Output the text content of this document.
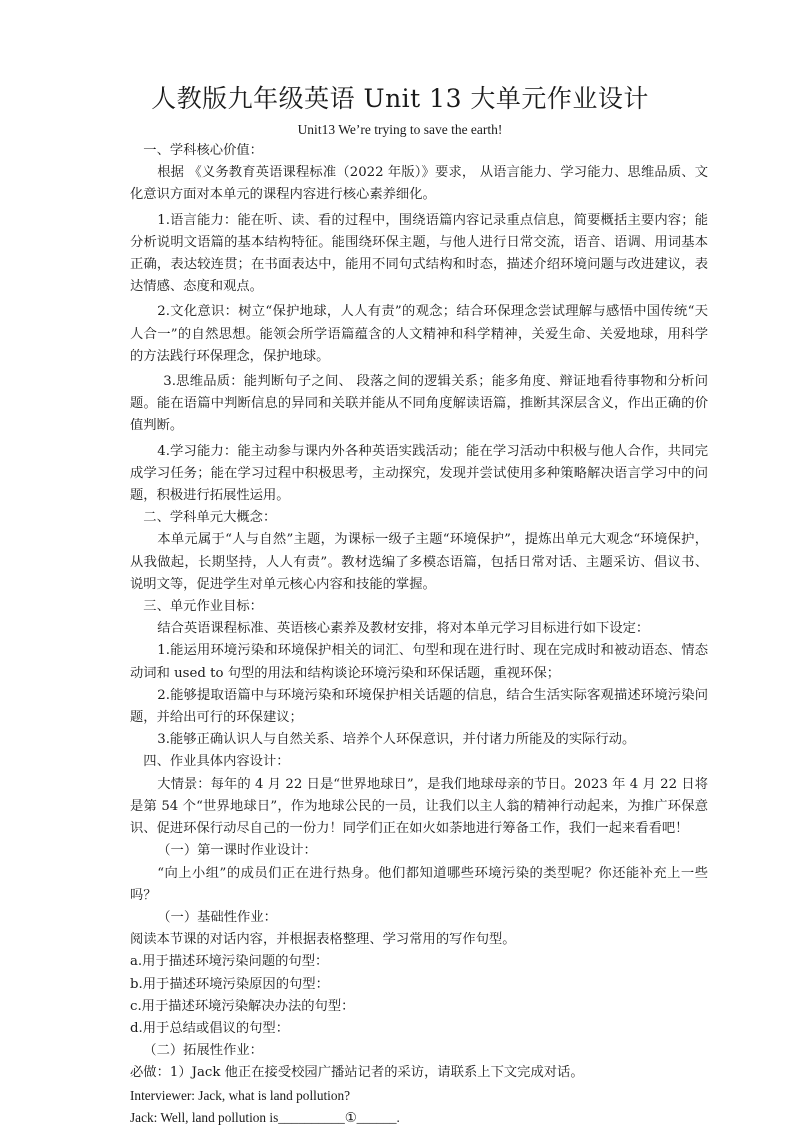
人教版九年级英语 Unit 13 大单元作业设计
Unit13 We’re trying to save the earth!

一、学科核心价值：

根据 《义务教育英语课程标准（2022 年版）》要求， 从语言能力、学习能力、思维品质、文化意识方面对本单元的课程内容进行核心素养细化。

1.语言能力：能在听、读、看的过程中，围绕语篇内容记录重点信息，简要概括主要内容；能分析说明文语篇的基本结构特征。能围绕环保主题，与他人进行日常交流，语音、语调、用词基本正确，表达较连贯；在书面表达中，能用不同句式结构和时态，描述介绍环境问题与改进建议，表达情感、态度和观点。

2.文化意识：树立“保护地球，人人有责”的观念；结合环保理念尝试理解与感悟中国传统“天人合一”的自然思想。能领会所学语篇蕴含的人文精神和科学精神，关爱生命、关爱地球，用科学的方法践行环保理念，保护地球。

3.思维品质：能判断句子之间、 段落之间的逻辑关系；能多角度、辩证地看待事物和分析问题。能在语篇中判断信息的异同和关联并能从不同角度解读语篇，推断其深层含义，作出正确的价值判断。

4.学习能力：能主动参与课内外各种英语实践活动；能在学习活动中积极与他人合作，共同完成学习任务；能在学习过程中积极思考，主动探究，发现并尝试使用多种策略解决语言学习中的问题，积极进行拓展性运用。

二、学科单元大概念：

本单元属于“人与自然”主题，为课标一级子主题“环境保护”，提炼出单元大观念“环境保护，从我做起，长期坚持，人人有责”。教材选编了多模态语篇，包括日常对话、主题采访、倡议书、说明文等，促进学生对单元核心内容和技能的掌握。

三、单元作业目标：

结合英语课程标准、英语核心素养及教材安排，将对本单元学习目标进行如下设定：

1.能运用环境污染和环境保护相关的词汇、句型和现在进行时、现在完成时和被动语态、情态动词和 used to 句型的用法和结构谈论环境污染和环保话题，重视环保；

2.能够提取语篇中与环境污染和环境保护相关话题的信息，结合生活实际客观描述环境污染问题，并给出可行的环保建议；

3.能够正确认识人与自然关系、培养个人环保意识，并付诸力所能及的实际行动。

四、作业具体内容设计：

大情景：每年的 4 月 22 日是“世界地球日”，是我们地球母亲的节日。2023 年 4 月 22 日将是第 54 个“世界地球日”，作为地球公民的一员，让我们以主人翁的精神行动起来，为推广环保意识、促进环保行动尽自己的一份力！同学们正在如火如荼地进行筹备工作，我们一起来看看吧！

（一）第一课时作业设计：

“向上小组”的成员们正在进行热身。他们都知道哪些环境污染的类型呢？你还能补充上一些吗？

（一）基础性作业：

阅读本节课的对话内容，并根据表格整理、学习常用的写作句型。

a.用于描述环境污染问题的句型：

b.用于描述环境污染原因的句型：

c.用于描述环境污染解决办法的句型：

d.用于总结或倡议的句型：

（二）拓展性作业：

必做：1）Jack 他正在接受校园广播站记者的采访，请联系上下文完成对话。

Interviewer: Jack, what is land pollution?

Jack: Well, land pollution is__________①______.
